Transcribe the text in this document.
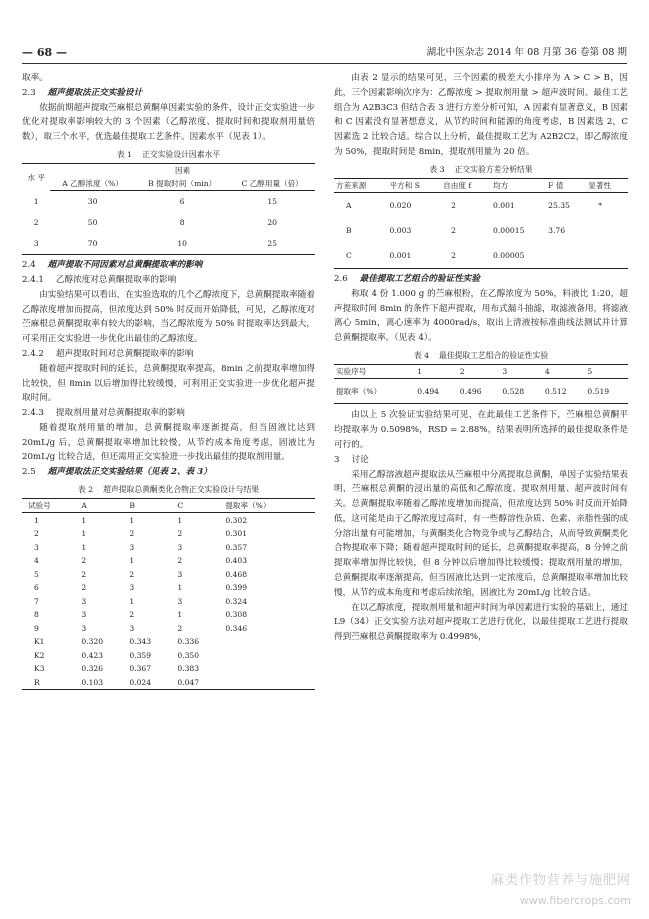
— 68 —	湖北中医杂志 2014 年 08 月第 36 卷第 08 期

取率。

2.3 超声提取法正交实验设计

依据前期超声提取苎麻根总黄酮单因素实验的条件，设计正交实验进一步优化对提取率影响较大的 3 个因素（乙醇浓度、提取时间和提取剂用量倍数），取三个水平，优选最佳提取工艺条件。因素水平（见表 1）。

表 1 正交实验设计因素水平
水 平	因素		
	A 乙醇浓度（%）	B 提取时间（min）	C 乙醇用量（倍）
1	30	6	15
2	50	8	20
3	70	10	25
2.4 超声提取不同因素对总黄酮提取率的影响
2.4.1 乙醇浓度对总黄酮提取率的影响

由实验结果可以看出，在实验选取的几个乙醇浓度下，总黄酮提取率随着乙醇浓度增加而提高，但浓度达到 50% 时反而开始降低，可见，乙醇浓度对苎麻根总黄酮提取率有较大的影响，当乙醇浓度为 50% 时提取率达到最大，可采用正交实验进一步优化出最佳的乙醇浓度。

2.4.2 超声提取时间对总黄酮提取率的影响

随着超声提取时间的延长，总黄酮提取率提高，8min 之前提取率增加得比较快，但 8min 以后增加得比较缓慢，可利用正交实验进一步优化超声提取时间。

2.4.3 提取剂用量对总黄酮提取率的影响

随着提取剂用量的增加，总黄酮提取率逐渐提高，但当固液比达到 20mL/g 后，总黄酮提取率增加比较慢，从节约成本角度考虑，固液比为 20mL/g 比较合适，但还需用正交实验进一步找出最佳的提取剂用量。

2.5 超声提取法正交实验结果（见表 2、表 3）
表 2 超声提取总黄酮类化合物正交实验设计与结果
试验号	A	B	C	提取率（%）
1	1	1	1	0.302
2	1	2	2	0.301
3	1	3	3	0.357
4	2	1	2	0.403
5	2	2	3	0.468
6	2	3	1	0.399
7	3	1	3	0.324
8	3	2	1	0.308
9	3	3	2	0.346
K1	0.320	0.343	0.336	
K2	0.423	0.359	0.350	
K3	0.326	0.367	0.383	
R	0.103	0.024	0.047	

由表 2 显示的结果可见，三个因素的极差大小排序为 A > C > B，因此，三个因素影响次序为：乙醇浓度 > 提取剂用量 > 超声波时间。最佳工艺组合为 A2B3C3 但结合表 3 进行方差分析可知，A 因素有显著意义，B 因素和 C 因素没有显著想意义，从节约时间和能源的角度考虑，B 因素选 2，C 因素选 2 比较合适。综合以上分析，最佳提取工艺为 A2B2C2，即乙醇浓度为 50%，提取时间是 8min，提取剂用量为 20 倍。

表 3 正交实验方差分析结果
方差来源	平方和 S	自由度 f	均方	F 值	显著性
A	0.020	2	0.001	25.35	*
B	0.003	2	0.00015	3.76	
C	0.001	2	0.00005		
2.6 最佳提取工艺组合的验证性实验

称取 4 份 1.000 g 的苎麻根粉，在乙醇浓度为 50%，料液比 1:20，超声提取时间 8min 的条件下超声提取，用布式漏斗抽滤，取滤液备用，将滤液离心 5min，离心速率为 4000rad/s，取出上清液按标准曲线法测试并计算总黄酮提取率。（见表 4）。

表 4 最佳提取工艺组合的验证性实验
实验序号	1	2	3	4	5
提取率（%）	0.494	0.496	0.528	0.512	0.519

由以上 5 次验证实验结果可见，在此最佳工艺条件下，苎麻根总黄酮平均提取率为 0.5098%，RSD = 2.88%，结果表明所选择的最佳提取条件是可行的。

3 讨论

采用乙醇溶液超声提取法从苎麻根中分离提取总黄酮，单因子实验结果表明，苎麻根总黄酮的浸出量的高低和乙醇浓度、提取剂用量、超声波时间有关。总黄酮提取率随着乙醇浓度增加而提高，但浓度达到 50% 时反而开始降低，这可能是由于乙醇浓度过高时，有一些醇溶性杂质、色素、亲脂性强的成分溶出量有可能增加，与黄酮类化合物竞争或与乙醇结合，从而导致黄酮类化合物提取率下降；随着超声提取时间的延长，总黄酮提取率提高，8 分钟之前提取率增加得比较快，但 8 分钟以后增加得比较缓慢；提取剂用量的增加，总黄酮提取率逐渐提高，但当固液比达到一定浓度后，总黄酮提取率增加比较慢，从节约成本角度和考虑后续浓缩，固液比为 20mL/g 比较合适。

在以乙醇浓度，提取剂用量和超声时间为单因素进行实验的基础上，通过 L9（34）正交实验方法对超声提取工艺进行优化，以最佳提取工艺进行提取得到苎麻根总黄酮提取率为 0.4998%，

麻类作物营养与施肥网
www.fibercrops.com
